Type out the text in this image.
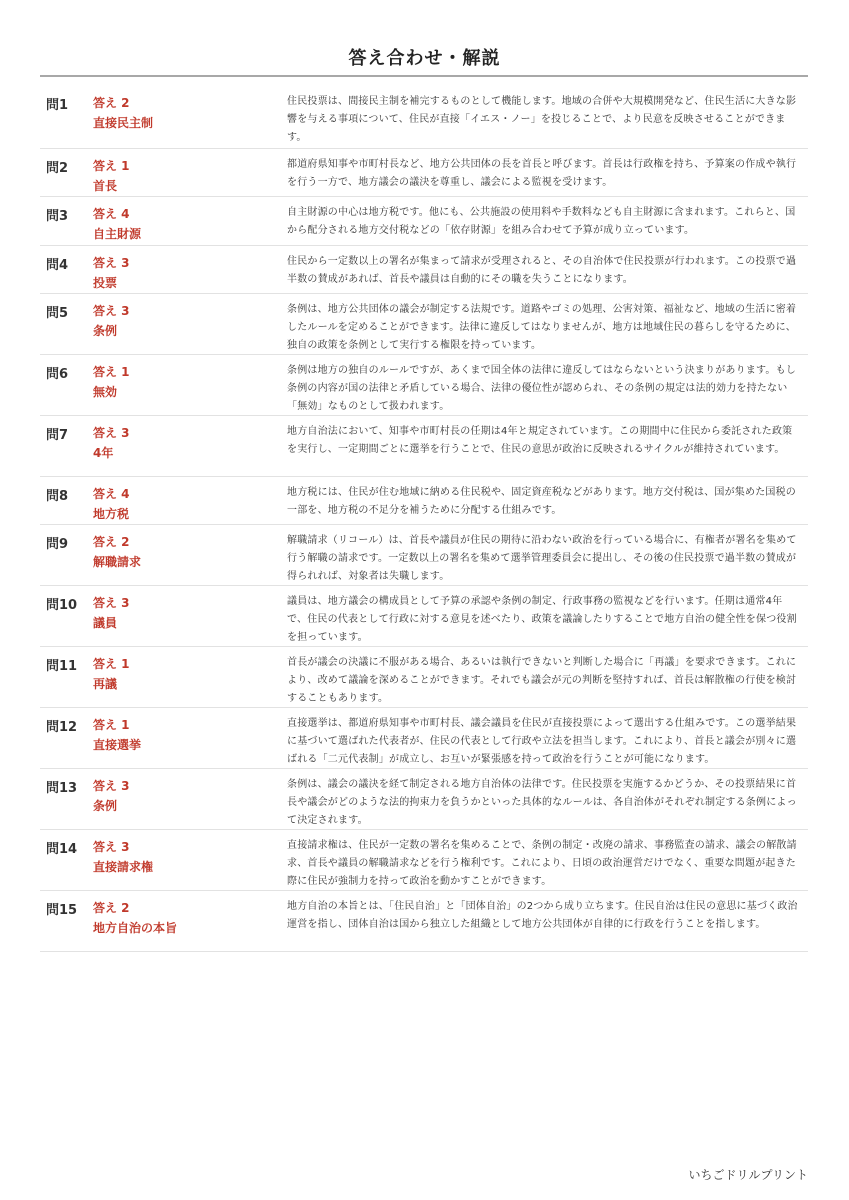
答え合わせ・解説
問1 答え 2
直接民主制
住民投票は、間接民主制を補完するものとして機能します。地域の合併や大規模開発など、住民生活に大きな影響を与える事項について、住民が直接「イエス・ノー」を投じることで、より民意を反映させることができます。
問2 答え 1
首長
都道府県知事や市町村長など、地方公共団体の長を首長と呼びます。首長は行政権を持ち、予算案の作成や執行を行う一方で、地方議会の議決を尊重し、議会による監視を受けます。
問3 答え 4
自主財源
自主財源の中心は地方税です。他にも、公共施設の使用料や手数料なども自主財源に含まれます。これらと、国から配分される地方交付税などの「依存財源」を組み合わせて予算が成り立っています。
問4 答え 3
投票
住民から一定数以上の署名が集まって請求が受理されると、その自治体で住民投票が行われます。この投票で過半数の賛成があれば、首長や議員は自動的にその職を失うことになります。
問5 答え 3
条例
条例は、地方公共団体の議会が制定する法規です。道路やゴミの処理、公害対策、福祉など、地域の生活に密着したルールを定めることができます。法律に違反してはなりませんが、地方は地域住民の暮らしを守るために、独自の政策を条例として実行する権限を持っています。
問6 答え 1
無効
条例は地方の独自のルールですが、あくまで国全体の法律に違反してはならないという決まりがあります。もし条例の内容が国の法律と矛盾している場合、法律の優位性が認められ、その条例の規定は法的効力を持たない「無効」なものとして扱われます。
問7 答え 3
4年
地方自治法において、知事や市町村長の任期は4年と規定されています。この期間中に住民から委託された政策を実行し、一定期間ごとに選挙を行うことで、住民の意思が政治に反映されるサイクルが維持されています。
問8 答え 4
地方税
地方税には、住民が住む地域に納める住民税や、固定資産税などがあります。地方交付税は、国が集めた国税の一部を、地方税の不足分を補うために分配する仕組みです。
問9 答え 2
解職請求
解職請求（リコール）は、首長や議員が住民の期待に沿わない政治を行っている場合に、有権者が署名を集めて行う解職の請求です。一定数以上の署名を集めて選挙管理委員会に提出し、その後の住民投票で過半数の賛成が得られれば、対象者は失職します。
問10 答え 3
議員
議員は、地方議会の構成員として予算の承認や条例の制定、行政事務の監視などを行います。任期は通常4年で、住民の代表として行政に対する意見を述べたり、政策を議論したりすることで地方自治の健全性を保つ役割を担っています。
問11 答え 1
再議
首長が議会の決議に不服がある場合、あるいは執行できないと判断した場合に「再議」を要求できます。これにより、改めて議論を深めることができます。それでも議会が元の判断を堅持すれば、首長は解散権の行使を検討することもあります。
問12 答え 1
直接選挙
直接選挙は、都道府県知事や市町村長、議会議員を住民が直接投票によって選出する仕組みです。この選挙結果に基づいて選ばれた代表者が、住民の代表として行政や立法を担当します。これにより、首長と議会が別々に選ばれる「二元代表制」が成立し、お互いが緊張感を持って政治を行うことが可能になります。
問13 答え 3
条例
条例は、議会の議決を経て制定される地方自治体の法律です。住民投票を実施するかどうか、その投票結果に首長や議会がどのような法的拘束力を負うかといった具体的なルールは、各自治体がそれぞれ制定する条例によって決定されます。
問14 答え 3
直接請求権
直接請求権は、住民が一定数の署名を集めることで、条例の制定・改廃の請求、事務監査の請求、議会の解散請求、首長や議員の解職請求などを行う権利です。これにより、日頃の政治運営だけでなく、重要な問題が起きた際に住民が強制力を持って政治を動かすことができます。
問15 答え 2
地方自治の本旨
地方自治の本旨とは、「住民自治」と「団体自治」の2つから成り立ちます。住民自治は住民の意思に基づく政治運営を指し、団体自治は国から独立した組織として地方公共団体が自律的に行政を行うことを指します。
いちごドリルプリント
